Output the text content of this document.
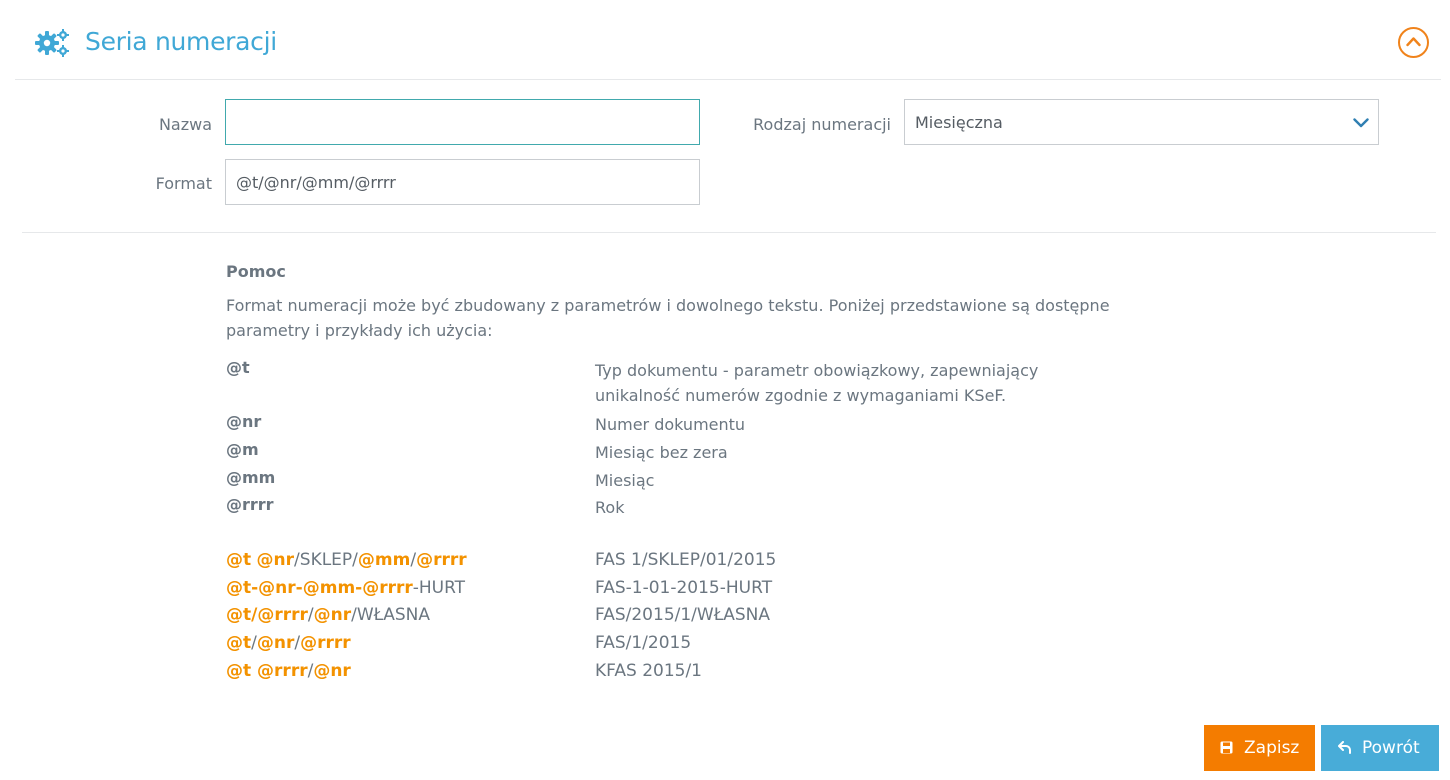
Seria numeracji
Nazwa
Format
@t/@nr/@mm/@rrrr
Rodzaj numeracji Miesięczna
Pomoc
Format numeracji może być zbudowany z parametrów i dowolnego tekstu. Poniżej przedstawione są dostępne parametry i przykłady ich użycia:
@t	Typ dokumentu - parametr obowiązkowy, zapewniający unikalność numerów zgodnie z wymaganiami KSeF.
@nr	Numer dokumentu
@m	Miesiąc bez zera
@mm	Miesiąc
@rrrr	Rok
@t @nr/SKLEP/@mm/@rrrr	FAS 1/SKLEP/01/2015
@t-@nr-@mm-@rrrr-HURT	FAS-1-01-2015-HURT
@t/@rrrr/@nr/WŁASNA	FAS/2015/1/WŁASNA
@t/@nr/@rrrr	FAS/1/2015
@t @rrrr/@nr	KFAS 2015/1
Zapisz	Powrót
